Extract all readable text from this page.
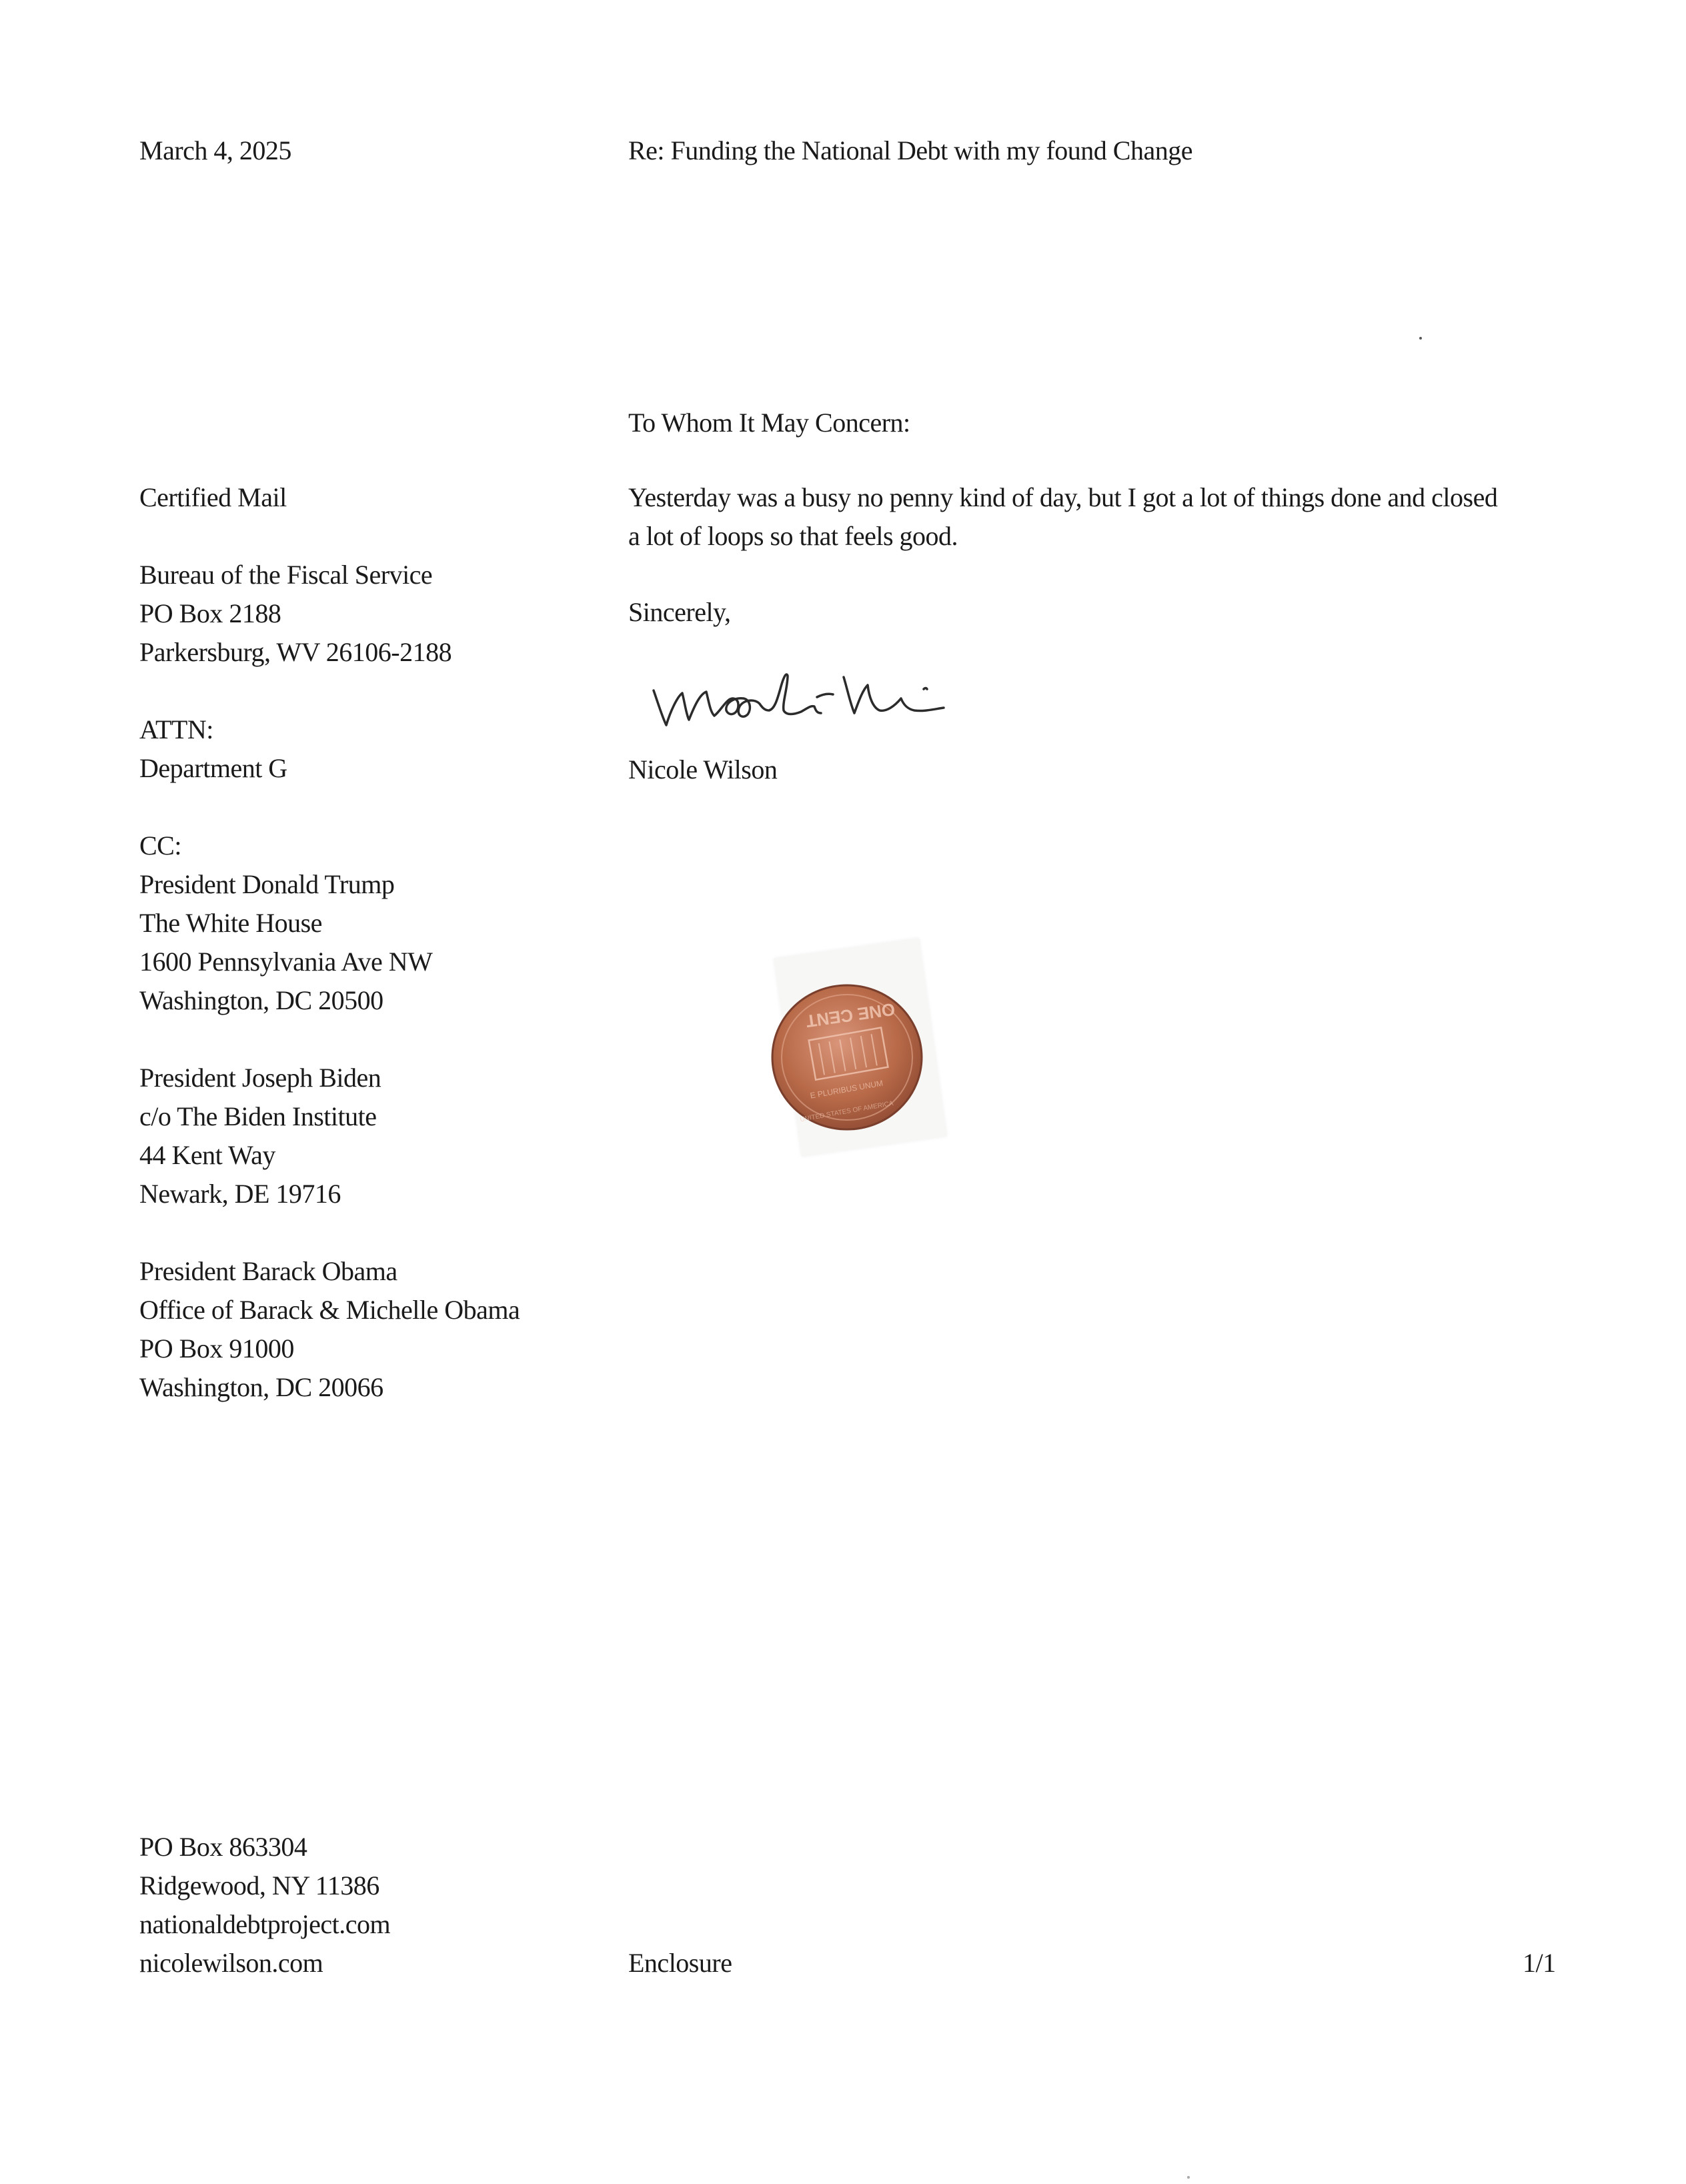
March 4, 2025	Re: Funding the National Debt with my found Change
Certified Mail
Bureau of the Fiscal Service
PO Box 2188
Parkersburg, WV 26106-2188
ATTN:
Department G
CC:
President Donald Trump
The White House
1600 Pennsylvania Ave NW
Washington, DC 20500
President Joseph Biden
c/o The Biden Institute
44 Kent Way
Newark, DE 19716
President Barack Obama
Office of Barack & Michelle Obama
PO Box 91000
Washington, DC 20066
To Whom It May Concern:
Yesterday was a busy no penny kind of day, but I got a lot of things done and closed
a lot of loops so that feels good.
Sincerely,
Nicole Wilson
ONE CENT
E PLURIBUS UNUM
UNITED STATES OF AMERICA
PO Box 863304
Ridgewood, NY 11386
nationaldebtproject.com
nicolewilson.com	Enclosure	1/1
